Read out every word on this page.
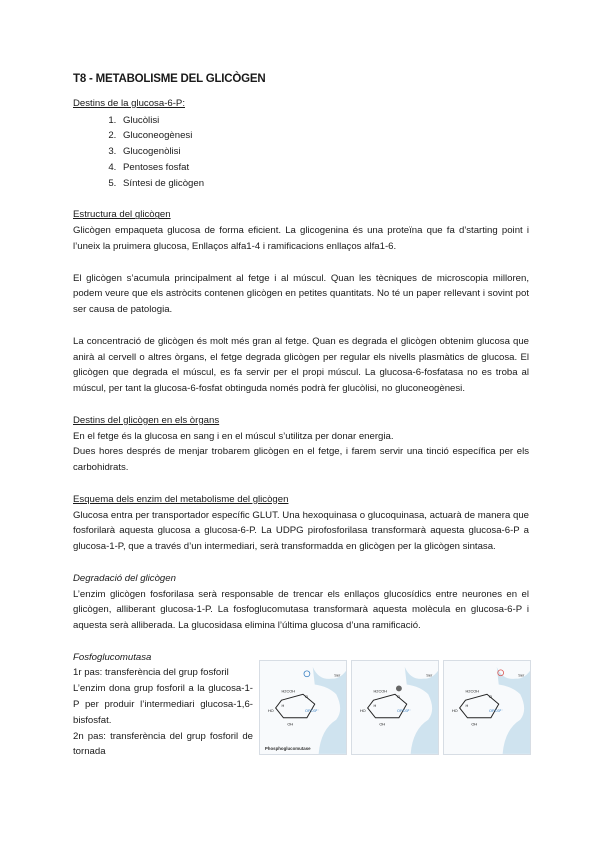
T8 - METABOLISME DEL GLICÒGEN
Destins de la glucosa-6-P:
1. Glucòlisi
2. Gluconeogènesi
3. Glucogenòlisi
4. Pentoses fosfat
5. Síntesi de glicògen
Estructura del glicògen

Glicògen empaqueta glucosa de forma eficient. La glicogenina és una proteïna que fa d’starting point i l’uneix la pruimera glucosa, Enllaços alfa1-4 i ramificacions enllaços alfa1-6.

El glicògen s’acumula principalment al fetge i al múscul. Quan les tècniques de microscopia milloren, podem veure que els astròcits contenen glicògen en petites quantitats. No té un paper rellevant i sovint pot ser causa de patologia.

La concentració de glicògen és molt més gran al fetge. Quan es degrada el glicògen obtenim glucosa que anirà al cervell o altres òrgans, el fetge degrada glicògen per regular els nivells plasmàtics de glucosa. El glicògen que degrada el múscul, es fa servir per el propi múscul. La glucosa-6-fosfatasa no es troba al múscul, per tant la glucosa-6-fosfat obtinguda només podrà fer glucòlisi, no gluconeogènesi.

Destins del glicògen en els òrgans

En el fetge és la glucosa en sang i en el múscul s’utilitza per donar energia.

Dues hores després de menjar trobarem glicògen en el fetge, i farem servir una tinció específica per els carbohidrats.

Esquema dels enzim del metabolisme del glicògen

Glucosa entra per transportador específic GLUT. Una hexoquinasa o glucoquinasa, actuarà de manera que fosforilarà aquesta glucosa a glucosa-6-P. La UDPG pirofosforilasa transformarà aquesta glucosa-6-P a glucosa-1-P, que a través d’un intermediari, serà transformadda en glicògen per la glicògen sintasa.

Degradació del glicògen

L’enzim glicògen fosforilasa serà responsable de trencar els enllaços glucosídics entre neurones en el glicògen, alliberant glucosa-1-P. La fosfoglucomutasa transformarà aquesta molècula en glucosa-6-P i aquesta serà alliberada. La glucosidasa elimina l’última glucosa d’una ramificació.

Fosfoglucomutasa

1r pas: transferència del grup fosforil

L’enzim dona grup fosforil a la glucosa-1-P per produir l’intermediari glucosa-1,6-bisfosfat.

2n pas: transferència del grup fosforil de tornada

Ser
H2COH
O
HO
OH
OPO3²⁻
H
Phosphoglucomutase
Ser
H2COH
O
HO
OH
OPO3²⁻
H
Ser
H2COH
O
HO
OH
OPO3²⁻
H
